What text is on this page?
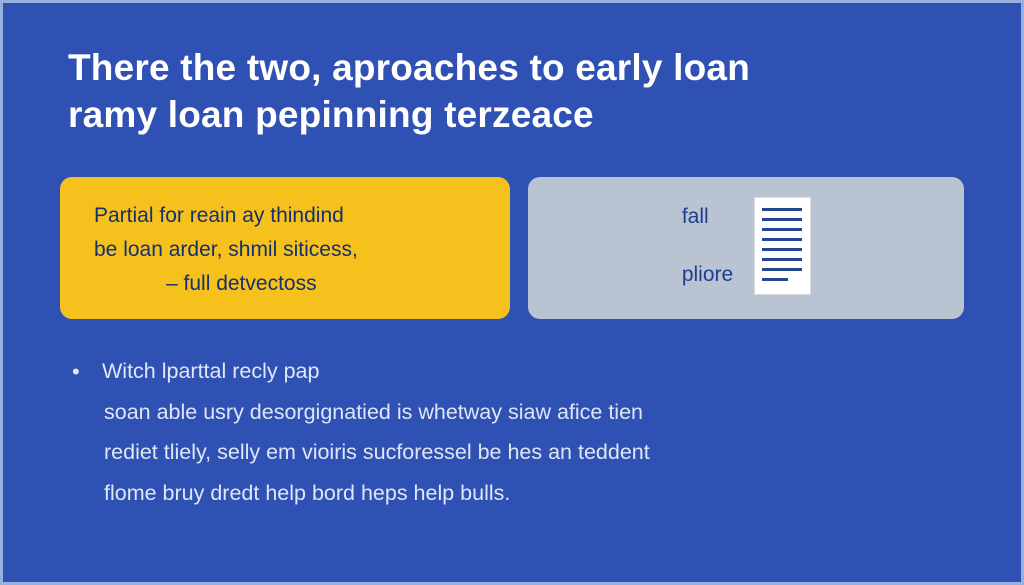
There the two, aproaches to early loan
ramy loan pepinning terzeace
Partial for reain ay thindind
be loan arder, shmil siticess,
– full detvectoss
fall
pliore
•	Witch lparttal recly pap
soan able usry desorgignatied is whetway siaw afice tien
rediet tliely, selly em vioiris sucforessel be hes an teddent
flome bruy dredt help bord heps help bulls.
